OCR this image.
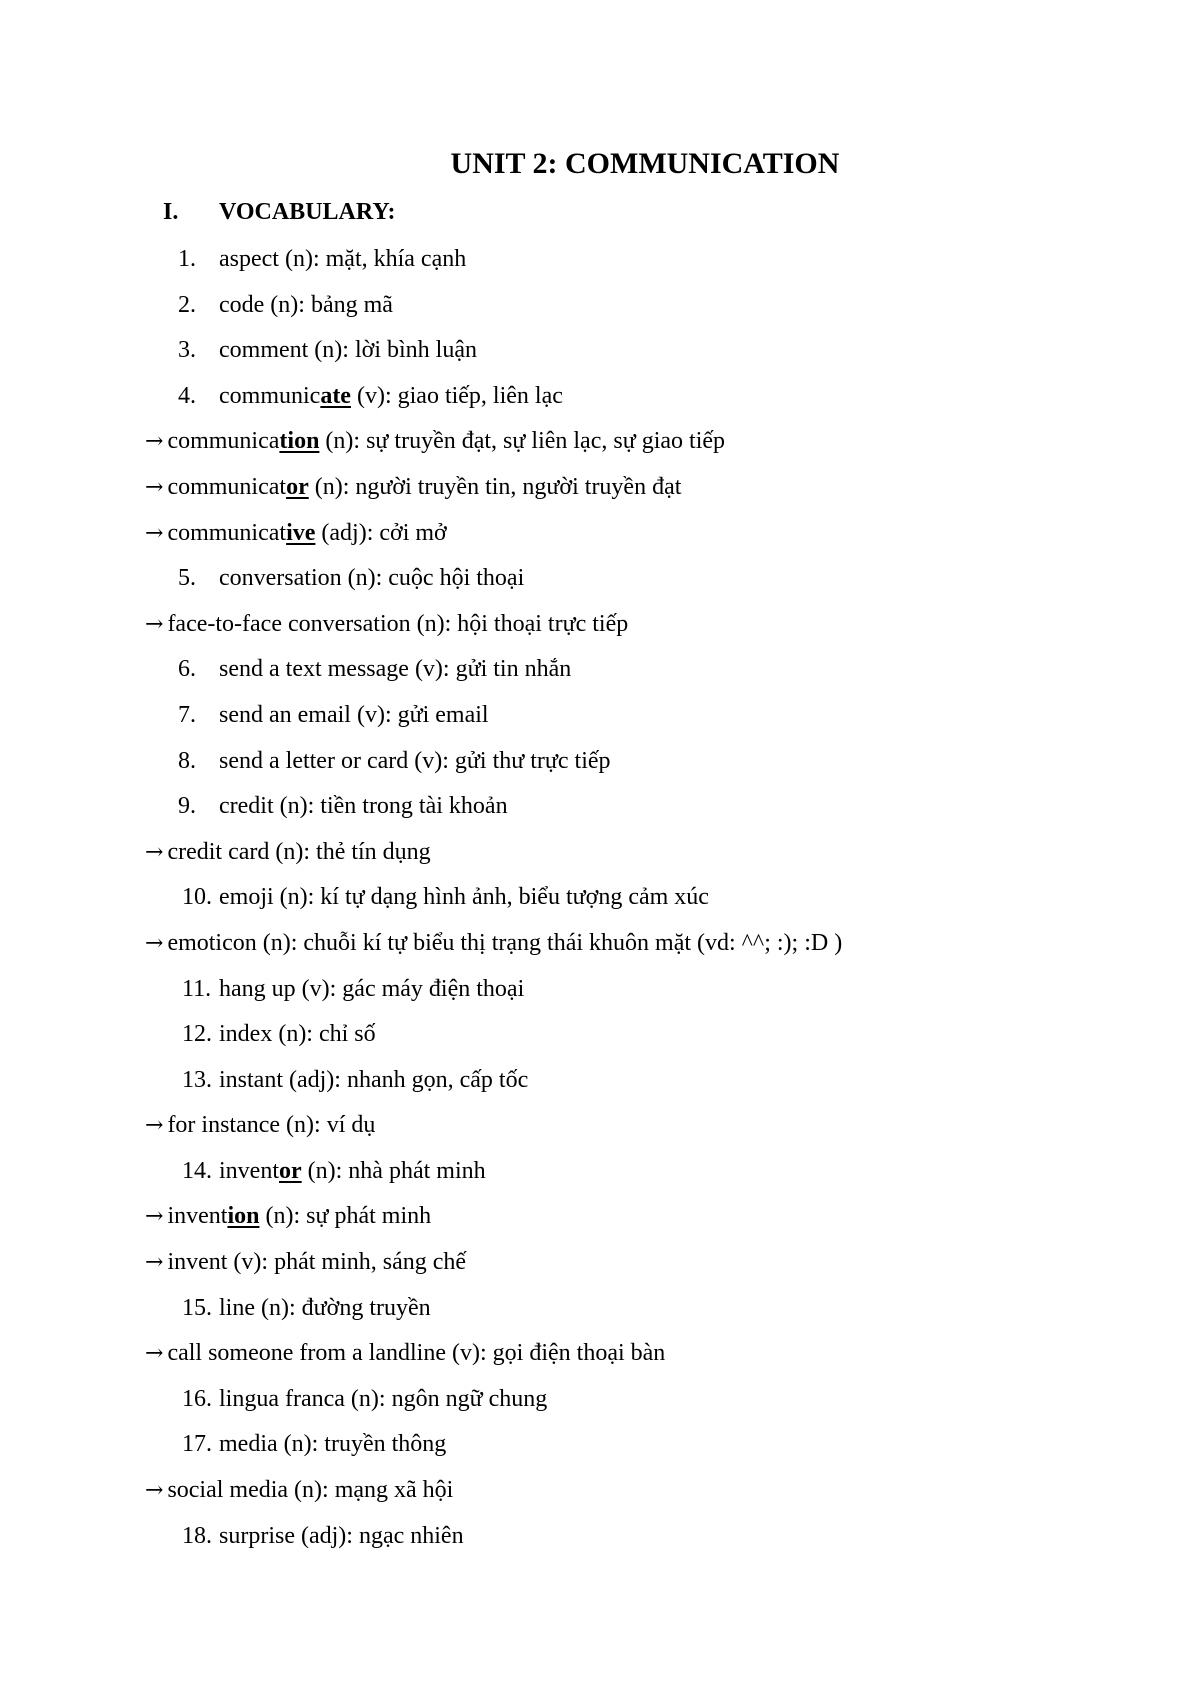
UNIT 2: COMMUNICATION
I. VOCABULARY:
1. aspect (n): mặt, khía cạnh
2. code (n): bảng mã
3. comment (n): lời bình luận
4. communicate (v): giao tiếp, liên lạc
→ communication (n): sự truyền đạt, sự liên lạc, sự giao tiếp
→ communicator (n): người truyền tin, người truyền đạt
→ communicative (adj): cởi mở
5. conversation (n): cuộc hội thoại
→ face-to-face conversation (n): hội thoại trực tiếp
6. send a text message (v): gửi tin nhắn
7. send an email (v): gửi email
8. send a letter or card (v): gửi thư trực tiếp
9. credit (n): tiền trong tài khoản
→ credit card (n): thẻ tín dụng
10. emoji (n): kí tự dạng hình ảnh, biểu tượng cảm xúc
→ emoticon (n): chuỗi kí tự biểu thị trạng thái khuôn mặt (vd: ^^; :); :D )
11. hang up (v): gác máy điện thoại
12. index (n): chỉ số
13. instant (adj): nhanh gọn, cấp tốc
→ for instance (n): ví dụ
14. inventor (n): nhà phát minh
→ invention (n): sự phát minh
→ invent (v): phát minh, sáng chế
15. line (n): đường truyền
→ call someone from a landline (v): gọi điện thoại bàn
16. lingua franca (n): ngôn ngữ chung
17. media (n): truyền thông
→ social media (n): mạng xã hội
18. surprise (adj): ngạc nhiên
